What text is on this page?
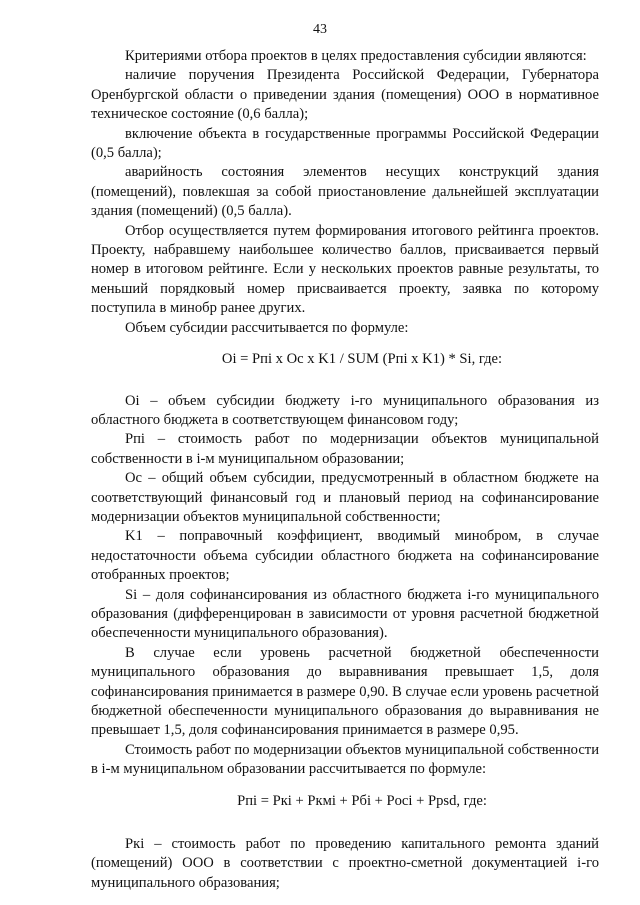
43

Критериями отбора проектов в целях предоставления субсидии являются:

наличие поручения Президента Российской Федерации, Губернатора Оренбургской области о приведении здания (помещения) ООО в нормативное техническое состояние (0,6 балла);

включение объекта в государственные программы Российской Федерации (0,5 балла);

аварийность состояния элементов несущих конструкций здания (помещений), повлекшая за собой приостановление дальнейшей эксплуатации здания (помещений) (0,5 балла).

Отбор осуществляется путем формирования итогового рейтинга проектов. Проекту, набравшему наибольшее количество баллов, присваивается первый номер в итоговом рейтинге. Если у нескольких проектов равные результаты, то меньший порядковый номер присваивается проекту, заявка по которому поступила в минобр ранее других.

Объем субсидии рассчитывается по формуле:

Oi = Pпi x Oc x K1 / SUM (Pпi x K1) * Si, где:

Oi – объем субсидии бюджету i-го муниципального образования из областного бюджета в соответствующем финансовом году;

Pпi – стоимость работ по модернизации объектов муниципальной собственности в i-м муниципальном образовании;

Oc – общий объем субсидии, предусмотренный в областном бюджете на соответствующий финансовый год и плановый период на софинансирование модернизации объектов муниципальной собственности;

K1 – поправочный коэффициент, вводимый минобром, в случае недостаточности объема субсидии областного бюджета на софинансирование отобранных проектов;

Si – доля софинансирования из областного бюджета i-го муниципального образования (дифференцирован в зависимости от уровня расчетной бюджетной обеспеченности муниципального образования).

В случае если уровень расчетной бюджетной обеспеченности муниципального образования до выравнивания превышает 1,5, доля софинансирования принимается в размере 0,90. В случае если уровень расчетной бюджетной обеспеченности муниципального образования до выравнивания не превышает 1,5, доля софинансирования принимается в размере 0,95.

Стоимость работ по модернизации объектов муниципальной собственности в i-м муниципальном образовании рассчитывается по формуле:

Pпi = Pкi + Pкмi + Pбi + Pocі + Ppsd, где:

Pкi – стоимость работ по проведению капитального ремонта зданий (помещений) ООО в соответствии с проектно-сметной документацией i-го муниципального образования;
